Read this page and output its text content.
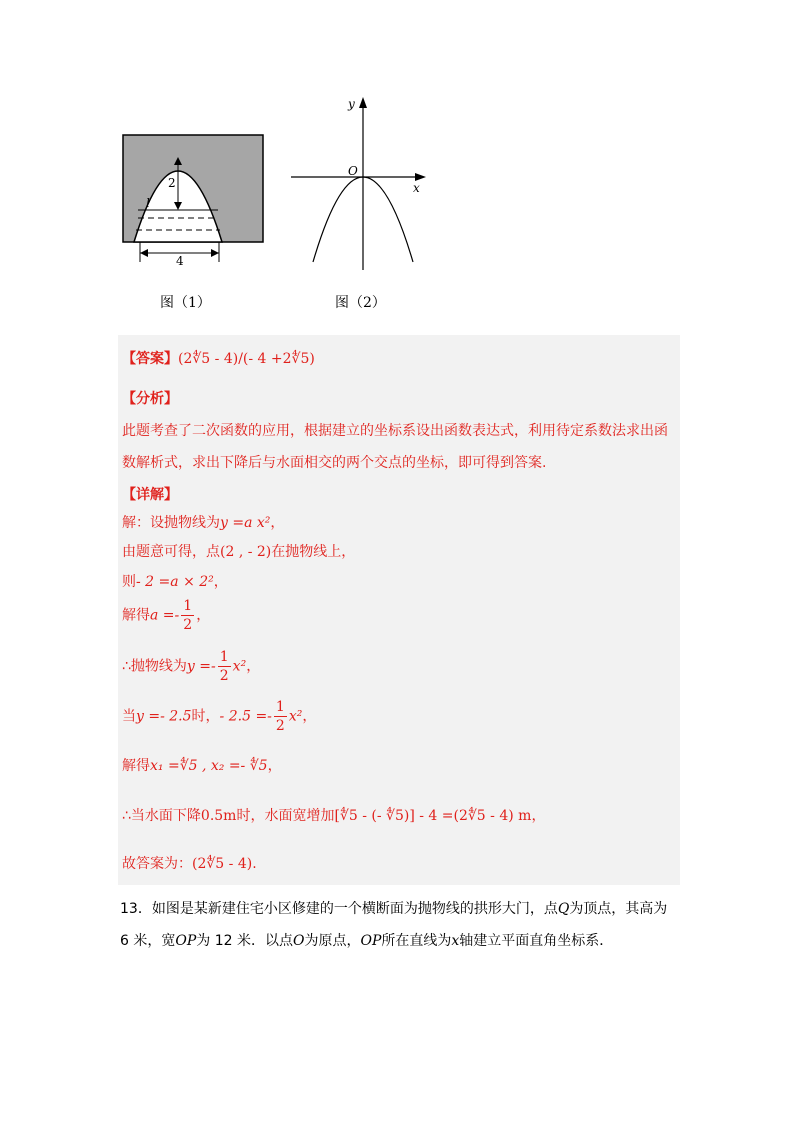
2
4
l
图（1）
y
x
O
图（2）
【答案】(2∜5 - 4)/(- 4 +2∜5)
【分析】
此题考查了二次函数的应用，根据建立的坐标系设出函数表达式，利用待定系数法求出函
数解析式，求出下降后与水面相交的两个交点的坐标，即可得到答案.
【详解】
解：设抛物线为y =a x²，
由题意可得，点(2 , - 2)在抛物线上，
则- 2 =a × 2²，
解得$a =- \frac{1}{2}$ ，
∴抛物线为$y =- \frac{1}{2} x^2$，
当y =- 2.5时，- $2.5 =- \frac{1}{2} x^2$，
解得x₁ =∜5 , x₂ =- ∜5，
∴当水面下降0.5m时，水面宽增加[∜5 - (- ∜5)] - 4 =(2∜5 - 4) m，
故答案为：(2∜5 - 4).
13．如图是某新建住宅小区修建的一个横断面为抛物线的拱形大门，点Q为顶点，其高为
6 米，宽OP为 12 米．以点O为原点，OP所在直线为x轴建立平面直角坐标系．
